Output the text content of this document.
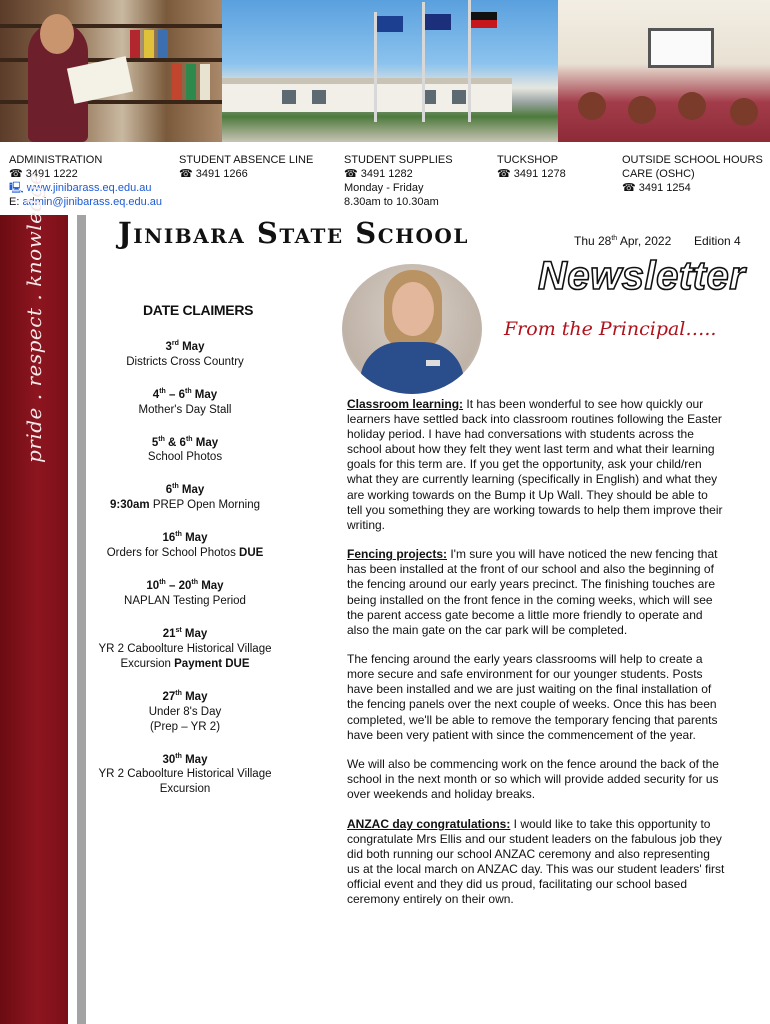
ADMINISTRATION
☎ 3491 1222
🖳 www.jinibarass.eq.edu.au
E: admin@jinibarass.eq.edu.au
STUDENT ABSENCE LINE
☎ 3491 1266
STUDENT SUPPLIES
☎ 3491 1282
Monday - Friday
8.30am to 10.30am
TUCKSHOP
☎ 3491 1278
OUTSIDE SCHOOL HOURS
CARE (OSHC)
☎ 3491 1254
pride . respect . knowledge Jinibara State School	Thu 28th Apr, 2022 Edition 4
Newsletter
From the Principal…..
DATE CLAIMERS
3rd May
Districts Cross Country
4th – 6th May
Mother's Day Stall
5th & 6th May
School Photos
6th May
9:30am PREP Open Morning
16th May
Orders for School Photos DUE
10th – 20th May
NAPLAN Testing Period
21st May
YR 2 Caboolture Historical Village
Excursion Payment DUE
27th May
Under 8's Day
(Prep – YR 2)
30th May
YR 2 Caboolture Historical Village
Excursion

Classroom learning: It has been wonderful to see how quickly our learners have settled back into classroom routines following the Easter holiday period. I have had conversations with students across the school about how they felt they went last term and what their learning goals for this term are. If you get the opportunity, ask your child/ren what they are currently learning (specifically in English) and what they are working towards on the Bump it Up Wall. They should be able to tell you something they are working towards to help them improve their writing.

Fencing projects: I'm sure you will have noticed the new fencing that has been installed at the front of our school and also the beginning of the fencing around our early years precinct. The finishing touches are being installed on the front fence in the coming weeks, which will see the parent access gate become a little more friendly to operate and also the main gate on the car park will be completed.

The fencing around the early years classrooms will help to create a more secure and safe environment for our younger students. Posts have been installed and we are just waiting on the final installation of the fencing panels over the next couple of weeks. Once this has been completed, we'll be able to remove the temporary fencing that parents have been very patient with since the commencement of the year.

We will also be commencing work on the fence around the back of the school in the next month or so which will provide added security for us over weekends and holiday breaks.

ANZAC day congratulations: I would like to take this opportunity to congratulate Mrs Ellis and our student leaders on the fabulous job they did both running our school ANZAC ceremony and also representing us at the local march on ANZAC day. This was our student leaders' first official event and they did us proud, facilitating our school based ceremony entirely on their own.
